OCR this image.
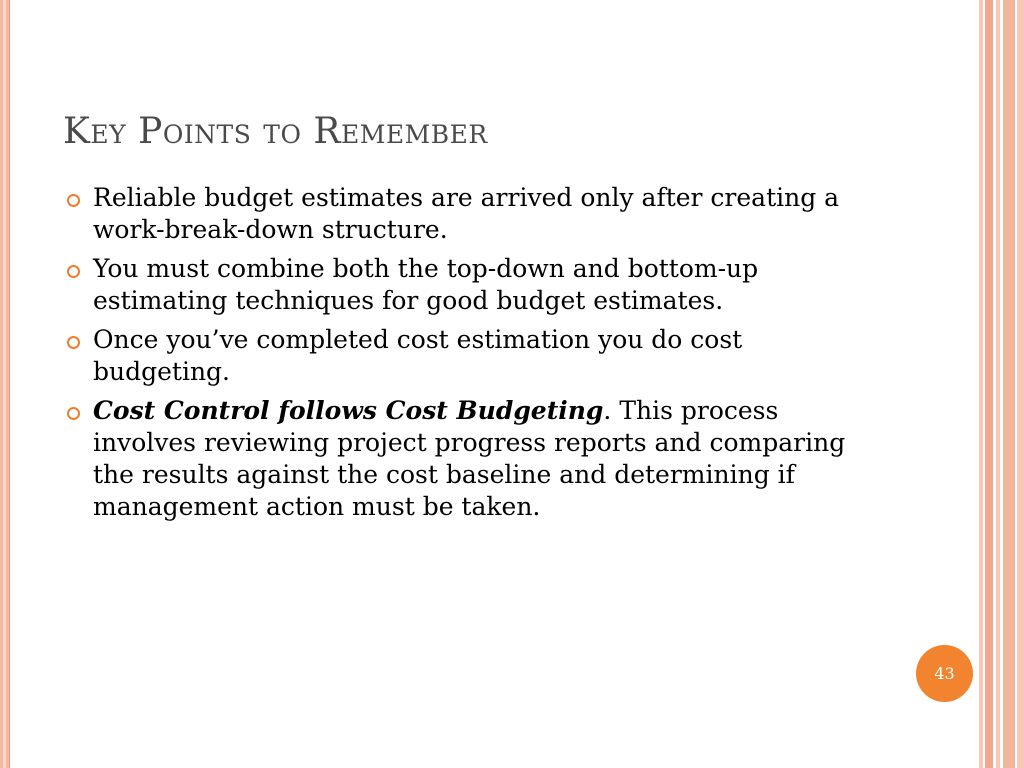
Key Points to Remember
Reliable budget estimates are arrived only after creating a work-break-down structure.
You must combine both the top-down and bottom-up estimating techniques for good budget estimates.
Once you’ve completed cost estimation you do cost budgeting.
Cost Control follows Cost Budgeting. This process involves reviewing project progress reports and comparing the results against the cost baseline and determining if management action must be taken.
43
